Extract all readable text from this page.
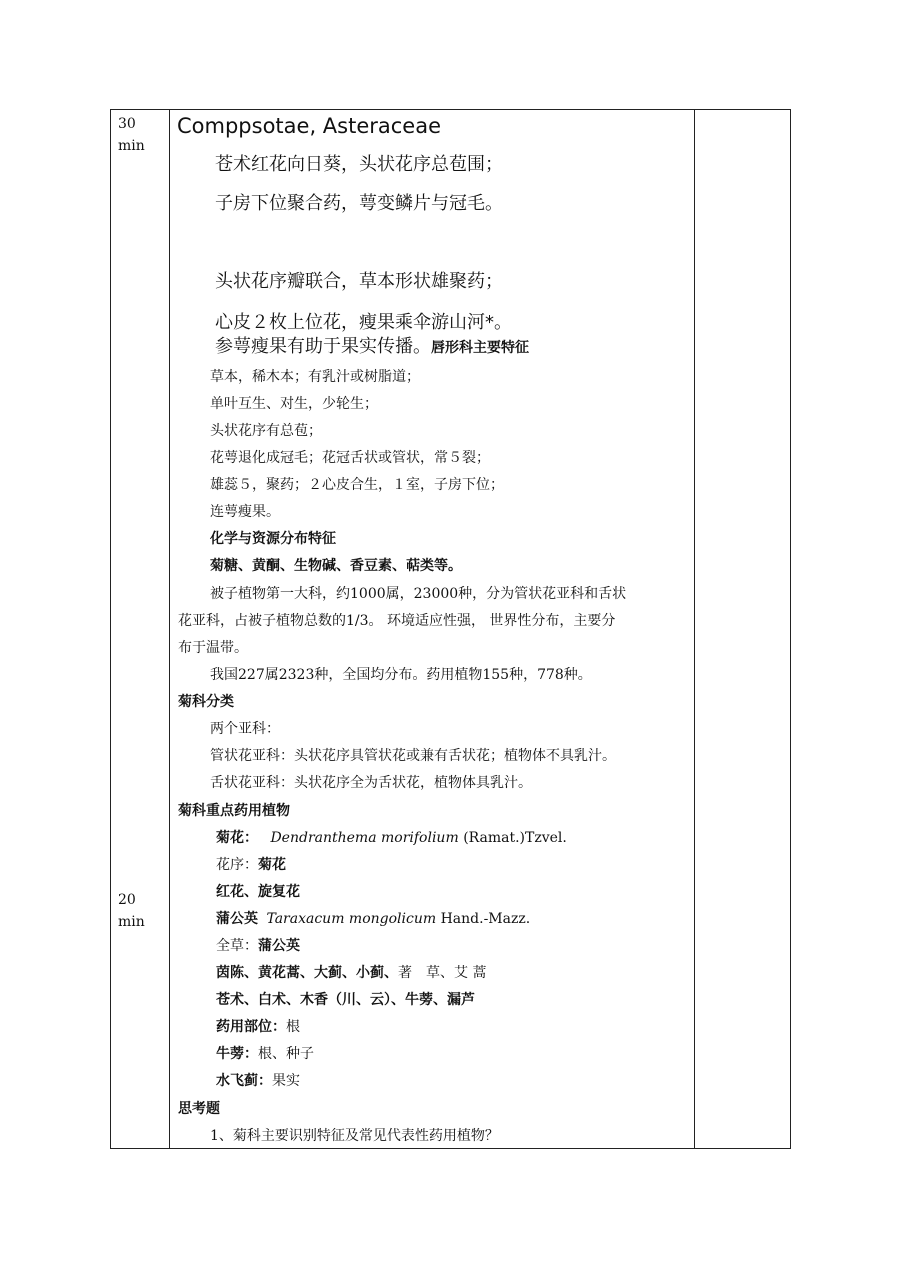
30
min
20
min
Comppsotae, Asteraceae
苍术红花向日葵，头状花序总苞围；
子房下位聚合药，萼变鳞片与冠毛。
头状花序瓣联合，草本形状雄聚药；
心皮２枚上位花，瘦果乘伞游山河*。
参萼瘦果有助于果实传播。唇形科主要特征
草本，稀木本；有乳汁或树脂道；
单叶互生、对生，少轮生；
头状花序有总苞；
花萼退化成冠毛；花冠舌状或管状，常５裂；
雄蕊５，聚药；２心皮合生，１室，子房下位；
连萼瘦果。
化学与资源分布特征
菊糖、黄酮、生物碱、香豆素、萜类等。
被子植物第一大科，约1000属，23000种，分为管状花亚科和舌状
花亚科，占被子植物总数的1/3。 环境适应性强， 世界性分布，主要分
布于温带。
我国227属2323种，全国均分布。药用植物155种，778种。
菊科分类
两个亚科：
管状花亚科：头状花序具管状花或兼有舌状花；植物体不具乳汁。
舌状花亚科：头状花序全为舌状花，植物体具乳汁。
菊科重点药用植物
菊花： Dendranthema morifolium (Ramat.)Tzvel.
花序：菊花
红花、旋复花
蒲公英 Taraxacum mongolicum Hand.-Mazz.
全草：蒲公英
茵陈、黄花蒿、大蓟、小蓟、著　草、艾 蒿
苍术、白术、木香（川、云）、牛蒡、漏芦
药用部位：根
牛蒡：根、种子
水飞蓟：果实
思考题
1、菊科主要识别特征及常见代表性药用植物？
